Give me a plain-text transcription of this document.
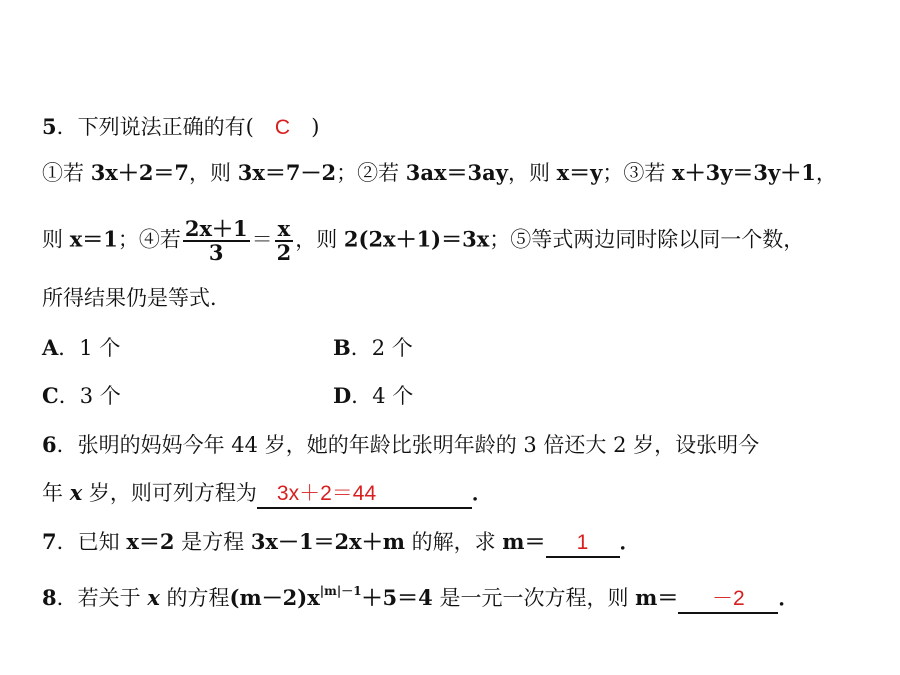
5．下列说法正确的有( C )
①若 3x＋2＝7，则 3x＝7－2；②若 3ax＝3ay，则 x＝y；③若 x＋3y＝3y＋1，
则 x＝1；④若 $\frac{2x+1}{3} = \frac{x}{2}$ ，则 2(2x＋1)＝3x；⑤等式两边同时除以同一个数，
所得结果仍是等式．
A．1 个	B．2 个
C．3 个	D．4 个
6．张明的妈妈今年 44 岁，她的年龄比张明年龄的 3 倍还大 2 岁，设张明今
年 x 岁，则可列方程为 3x＋2＝44	．
7．已知 x＝2 是方程 3x－1＝2x＋m 的解，求 m＝ 1 ．
8．若关于 x 的方程$(m-2)x^{|m|-1}+5=4$ 是一元一次方程，则 m＝ －2 ．
